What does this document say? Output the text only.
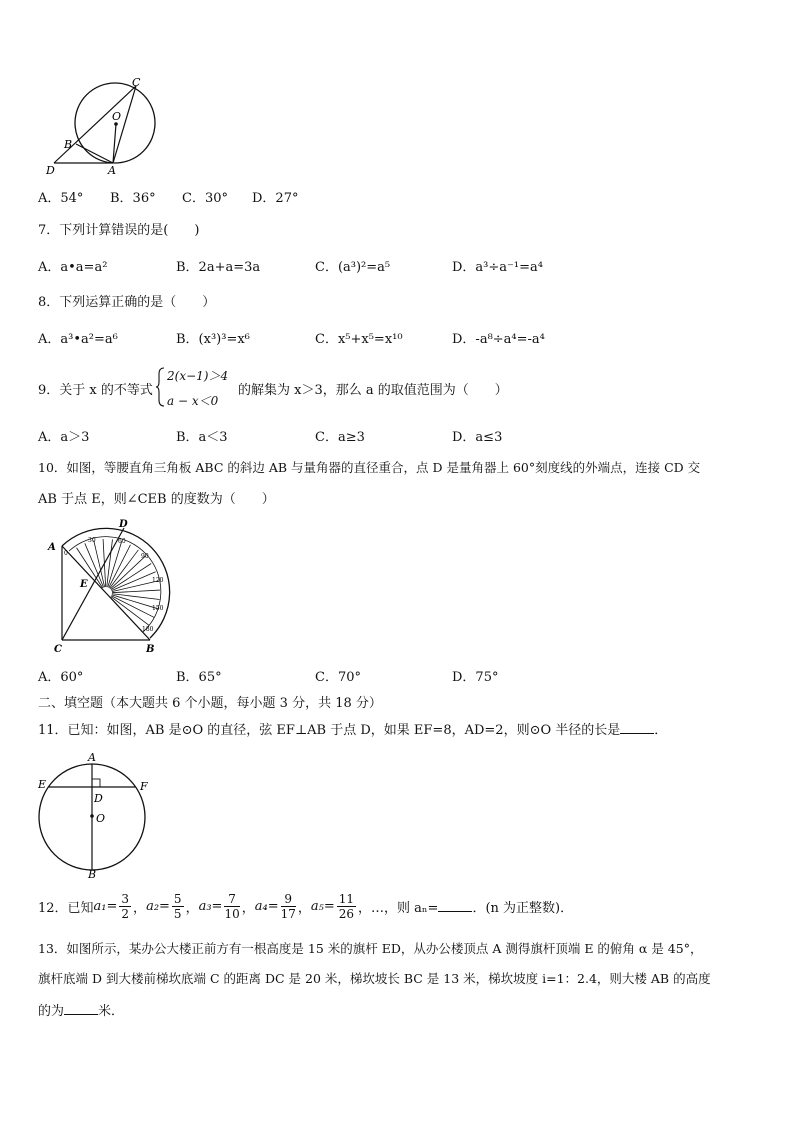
C
O
B
D	A
A．54° B．36° C．30° D．27°
7．下列计算错误的是(　　)
A．a•a=a²	B．2a+a=3a	C．(a³)²=a⁵	D．a³÷a⁻¹=a⁴
8．下列运算正确的是（　　）
A．a³•a²=a⁶	B．(x³)³=x⁶	C．x⁵+x⁵=x¹⁰	D．-a⁸÷a⁴=-a⁴
9．关于 x 的不等式
2(x−1)＞4
a − x＜0
的解集为 x＞3，那么 a 的取值范围为（　　）
A．a＞3	B．a＜3	C．a≥3	D．a≤3
10．如图，等腰直角三角板 ABC 的斜边 AB 与量角器的直径重合，点 D 是量角器上 60°刻度线的外端点，连接 CD 交
AB 于点 E，则∠CEB 的度数为（　　）
A
D
E
C	B
0
30	60
90
120
150
180
A．60°	B．65°	C．70°	D．75°
二、填空题（本大题共 6 个小题，每小题 3 分，共 18 分）
11．已知：如图，AB 是⊙O 的直径，弦 EF⊥AB 于点 D，如果 EF=8，AD=2，则⊙O 半径的长是	．
A
E	F
D
O
B
12．已知 $a_1= \frac{3}{2}$ ， $a_2= \frac{5}{5}$ ， $a_3= \frac{7}{10}$ ， $a_4= \frac{9}{17}$ ， $a_5= \frac{11}{26}$ ，…，则 aₙ=	．(n 为正整数)．
13．如图所示，某办公大楼正前方有一根高度是 15 米的旗杆 ED，从办公楼顶点 A 测得旗杆顶端 E 的俯角 α 是 45°，
旗杆底端 D 到大楼前梯坎底端 C 的距离 DC 是 20 米，梯坎坡长 BC 是 13 米，梯坎坡度 i=1：2.4，则大楼 AB 的高度
的为	米．
